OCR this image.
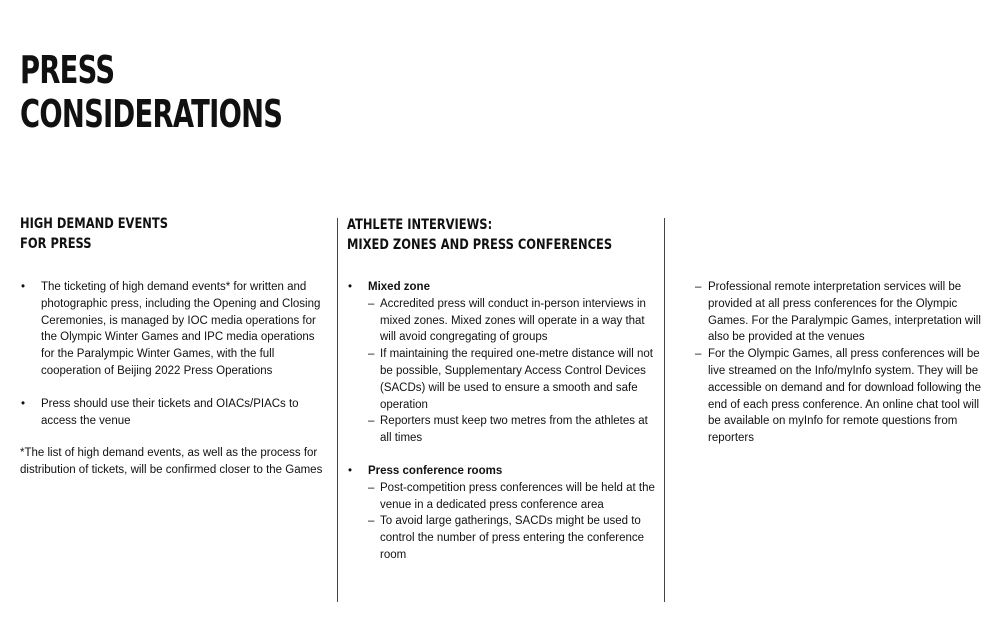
PRESS
CONSIDERATIONS
HIGH DEMAND EVENTS
FOR PRESS
• The ticketing of high demand events* for written and photographic press, including the Opening and Closing Ceremonies, is managed by IOC media operations for the Olympic Winter Games and IPC media operations for the Paralympic Winter Games, with the full cooperation of Beijing 2022 Press Operations
• Press should use their tickets and OIACs/PIACs to access the venue
*The list of high demand events, as well as the process for distribution of tickets, will be confirmed closer to the Games
ATHLETE INTERVIEWS:
MIXED ZONES AND PRESS CONFERENCES
• Mixed zone
– Accredited press will conduct in-person interviews in mixed zones. Mixed zones will operate in a way that will avoid congregating of groups
– If maintaining the required one-metre distance will not be possible, Supplementary Access Control Devices (SACDs) will be used to ensure a smooth and safe operation
– Reporters must keep two metres from the athletes at all times
• Press conference rooms
– Post-competition press conferences will be held at the venue in a dedicated press conference area
– To avoid large gatherings, SACDs might be used to control the number of press entering the conference room
– Professional remote interpretation services will be provided at all press conferences for the Olympic Games. For the Paralympic Games, interpretation will also be provided at the venues
– For the Olympic Games, all press conferences will be live streamed on the Info/myInfo system. They will be accessible on demand and for download following the end of each press conference. An online chat tool will be available on myInfo for remote questions from reporters
